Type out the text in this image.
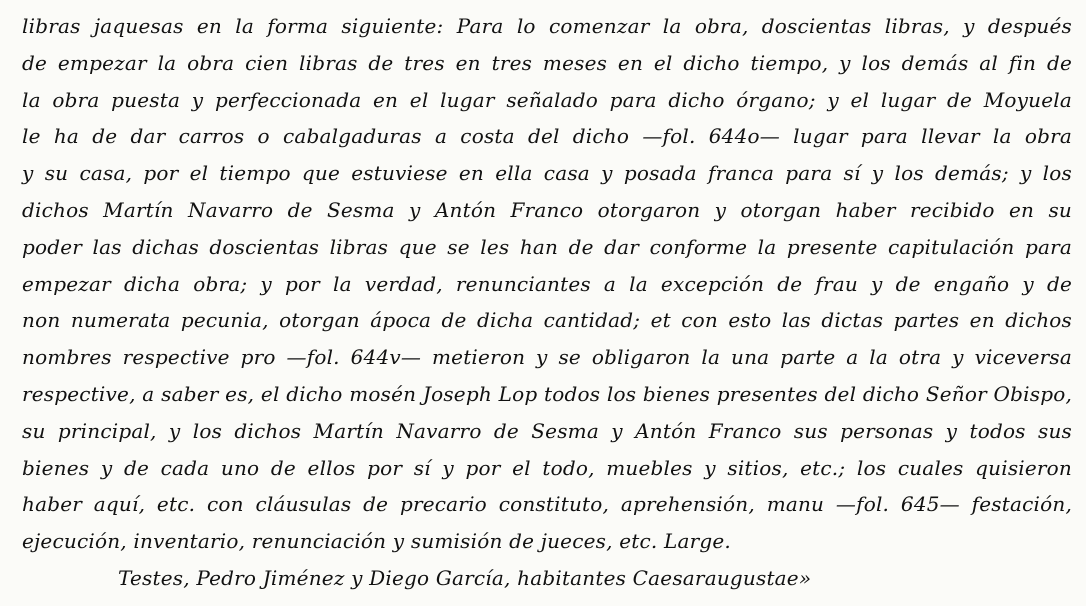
libras jaquesas en la forma siguiente: Para lo comenzar la obra, doscientas libras, y después
de empezar la obra cien libras de tres en tres meses en el dicho tiempo, y los demás al fin de
la obra puesta y perfeccionada en el lugar señalado para dicho órgano; y el lugar de Moyuela
le ha de dar carros o cabalgaduras a costa del dicho —fol. 644o— lugar para llevar la obra
y su casa, por el tiempo que estuviese en ella casa y posada franca para sí y los demás; y los
dichos Martín Navarro de Sesma y Antón Franco otorgaron y otorgan haber recibido en su
poder las dichas doscientas libras que se les han de dar conforme la presente capitulación para
empezar dicha obra; y por la verdad, renunciantes a la excepción de frau y de engaño y de
non numerata pecunia, otorgan ápoca de dicha cantidad; et con esto las dictas partes en dichos
nombres respective pro —fol. 644v— metieron y se obligaron la una parte a la otra y viceversa
respective, a saber es, el dicho mosén Joseph Lop todos los bienes presentes del dicho Señor Obispo,
su principal, y los dichos Martín Navarro de Sesma y Antón Franco sus personas y todos sus
bienes y de cada uno de ellos por sí y por el todo, muebles y sitios, etc.; los cuales quisieron
haber aquí, etc. con cláusulas de precario constituto, aprehensión, manu —fol. 645— festación,
ejecución, inventario, renunciación y sumisión de jueces, etc. Large.
Testes, Pedro Jiménez y Diego García, habitantes Caesaraugustae»
